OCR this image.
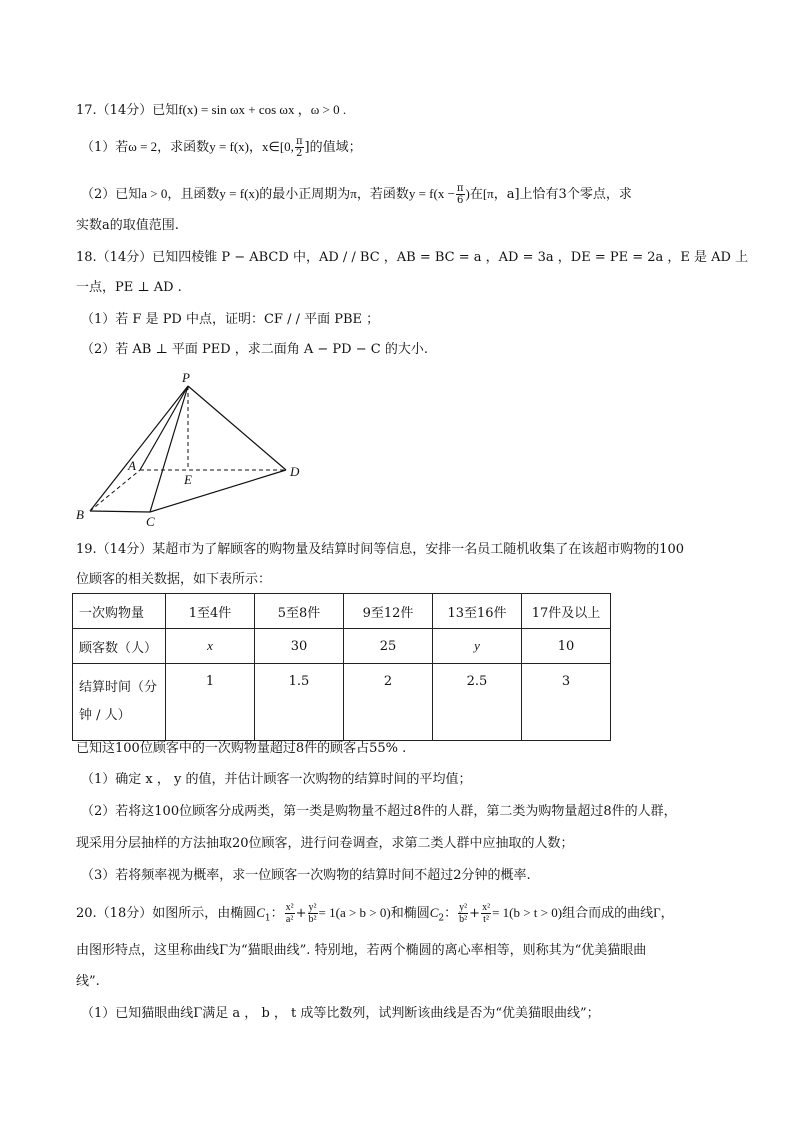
17.（14分）已知f(x) = sin ωx + cos ωx ，ω > 0 .
（1）若ω = 2，求函数y = f(x)，x∈[0, $\frac{\pi}{2}$ ]的值域；
（2）已知a > 0，且函数y = f(x)的最小正周期为π，若函数$y = f(x - \frac{\pi}{6}$ )在[π，a]上恰有3个零点，求
实数a的取值范围.
18.（14分）已知四棱锥 P − ABCD 中，AD / / BC ，AB = BC = a ，AD = 3a ，DE = PE = 2a ，E 是 AD 上
一点，PE ⊥ AD .
（1）若 F 是 PD 中点，证明：CF / / 平面 PBE ；
（2）若 AB ⊥ 平面 PED ，求二面角 A − PD − C 的大小.
P
A
E
D
B	C
19.（14分）某超市为了解顾客的购物量及结算时间等信息，安排一名员工随机收集了在该超市购物的100
位顾客的相关数据，如下表所示：
一次购物量	1至4件	5至8件	9至12件	13至16件	17件及以上
顾客数（人）	x	30	25	y	10

结算时间（分
钟 / 人）	1	1.5	2	2.5	3
已知这100位顾客中的一次购物量超过8件的顾客占55% .
（1）确定 x ， y 的值，并估计顾客一次购物的结算时间的平均值；
（2）若将这100位顾客分成两类，第一类是购物量不超过8件的人群，第二类为购物量超过8件的人群，
现采用分层抽样的方法抽取20位顾客，进行问卷调查，求第二类人群中应抽取的人数；
（3）若将频率视为概率，求一位顾客一次购物的结算时间不超过2分钟的概率.
20.（18分）如图所示，由椭圆$C_1$： $\frac{\text{x²}}{\text{a²}} + \frac{\text{y²}}{\text{b²}} = 1(a > b > 0)$和椭圆$C_2$： $\frac{\text{y²}}{\text{b²}} + \frac{\text{x²}}{\text{t²}} = 1(b > t > 0)$组合而成的曲线Γ，
由图形特点，这里称曲线Γ为“猫眼曲线”. 特别地，若两个椭圆的离心率相等，则称其为“优美猫眼曲
线”.
（1）已知猫眼曲线Γ满足 a ， b ， t 成等比数列，试判断该曲线是否为“优美猫眼曲线”；
